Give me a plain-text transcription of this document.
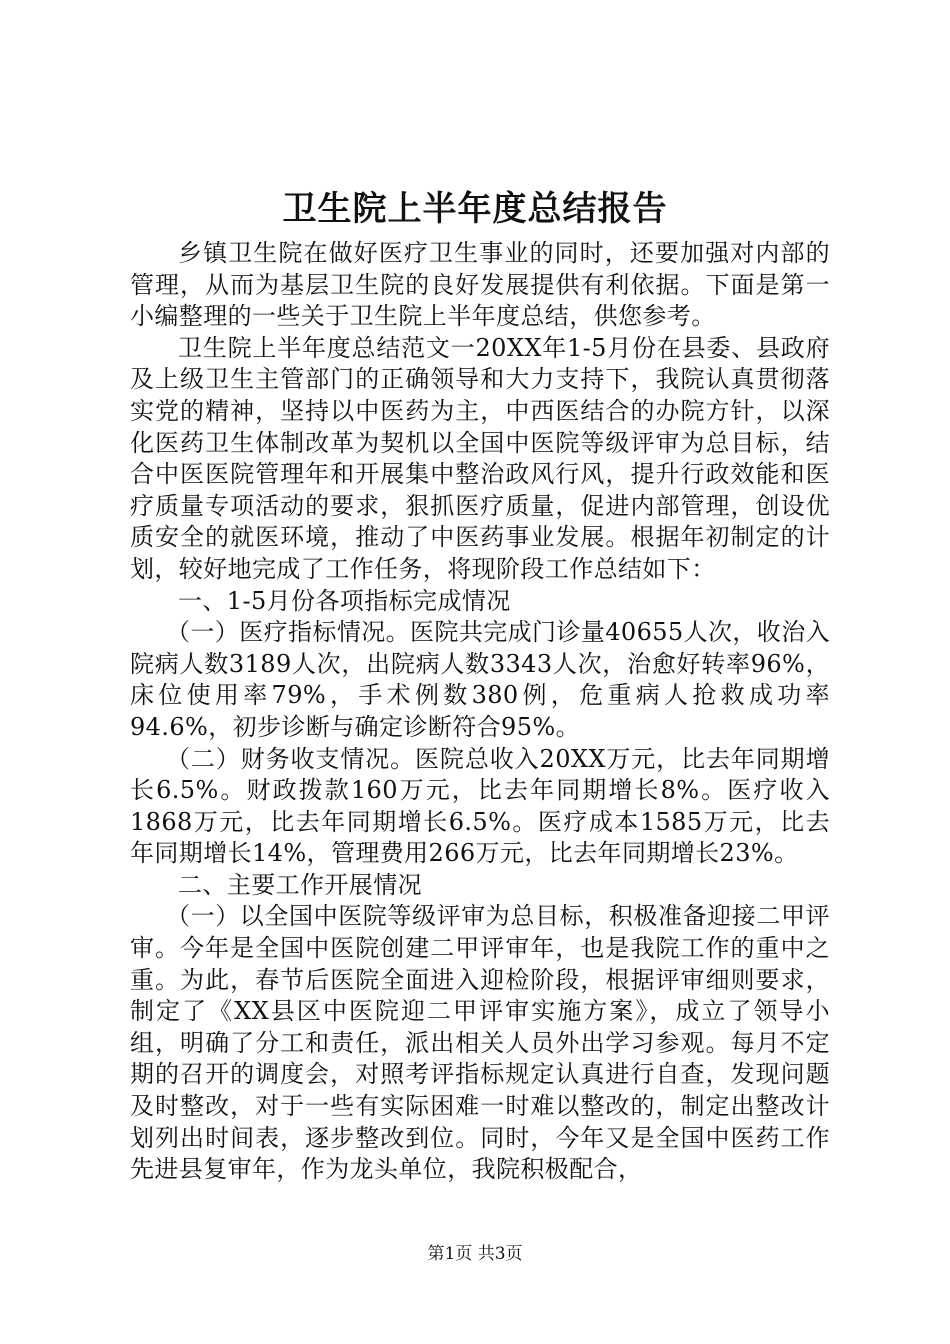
卫生院上半年度总结报告

乡镇卫生院在做好医疗卫生事业的同时，还要加强对内部的管理，从而为基层卫生院的良好发展提供有利依据。下面是第一小编整理的一些关于卫生院上半年度总结，供您参考。

卫生院上半年度总结范文一20XX年1-5月份在县委、县政府及上级卫生主管部门的正确领导和大力支持下，我院认真贯彻落实党的精神，坚持以中医药为主，中西医结合的办院方针，以深化医药卫生体制改革为契机以全国中医院等级评审为总目标，结合中医医院管理年和开展集中整治政风行风，提升行政效能和医疗质量专项活动的要求，狠抓医疗质量，促进内部管理，创设优质安全的就医环境，推动了中医药事业发展。根据年初制定的计划，较好地完成了工作任务，将现阶段工作总结如下：

一、1-5月份各项指标完成情况

（一）医疗指标情况。医院共完成门诊量40655人次，收治入院病人数3189人次，出院病人数3343人次，治愈好转率96%，床位使用率79%，手术例数380例，危重病人抢救成功率94.6%，初步诊断与确定诊断符合95%。

（二）财务收支情况。医院总收入20XX万元，比去年同期增长6.5%。财政拨款160万元，比去年同期增长8%。医疗收入1868万元，比去年同期增长6.5%。医疗成本1585万元，比去年同期增长14%，管理费用266万元，比去年同期增长23%。

二、主要工作开展情况

（一）以全国中医院等级评审为总目标，积极准备迎接二甲评审。今年是全国中医院创建二甲评审年，也是我院工作的重中之重。为此，春节后医院全面进入迎检阶段，根据评审细则要求，制定了《XX县区中医院迎二甲评审实施方案》，成立了领导小组，明确了分工和责任，派出相关人员外出学习参观。每月不定期的召开的调度会，对照考评指标规定认真进行自查，发现问题及时整改，对于一些有实际困难一时难以整改的，制定出整改计划列出时间表，逐步整改到位。同时，今年又是全国中医药工作先进县复审年，作为龙头单位，我院积极配合，

第1页 共3页
